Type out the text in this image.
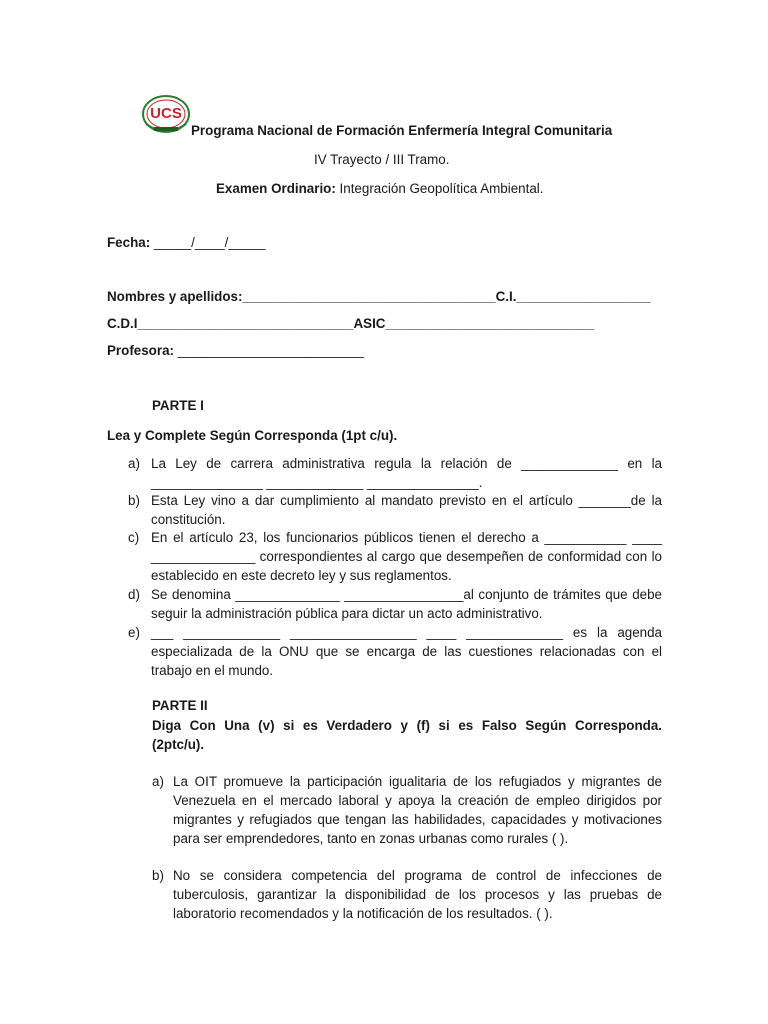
UCS
Programa Nacional de Formación Enfermería Integral Comunitaria
IV Trayecto / III Tramo.
Examen Ordinario: Integración Geopolítica Ambiental.
Fecha: _____/____/_____
Nombres y apellidos:__________________________________C.I.__________________
C.D.I_____________________________ASIC____________________________
Profesora: _________________________
PARTE I
Lea y Complete Según Corresponda (1pt c/u).
a) La Ley de carrera administrativa regula la relación de _____________ en la _______________ _____________ _______________.
b) Esta Ley vino a dar cumplimiento al mandato previsto en el artículo _______de la constitución.
c) En el artículo 23, los funcionarios públicos tienen el derecho a ___________ ____ ______________ correspondientes al cargo que desempeñen de conformidad con lo establecido en este decreto ley y sus reglamentos.
d) Se denomina ______________ ________________al conjunto de trámites que debe seguir la administración pública para dictar un acto administrativo.
e) ___ _____________ _________________ ____ _____________ es la agenda especializada de la ONU que se encarga de las cuestiones relacionadas con el trabajo en el mundo.
PARTE II
Diga Con Una (v) si es Verdadero y (f) si es Falso Según Corresponda.
(2ptc/u).
a) La OIT promueve la participación igualitaria de los refugiados y migrantes de Venezuela en el mercado laboral y apoya la creación de empleo dirigidos por migrantes y refugiados que tengan las habilidades, capacidades y motivaciones para ser emprendedores, tanto en zonas urbanas como rurales ( ).
b) No se considera competencia del programa de control de infecciones de tuberculosis, garantizar la disponibilidad de los procesos y las pruebas de laboratorio recomendados y la notificación de los resultados. ( ).
